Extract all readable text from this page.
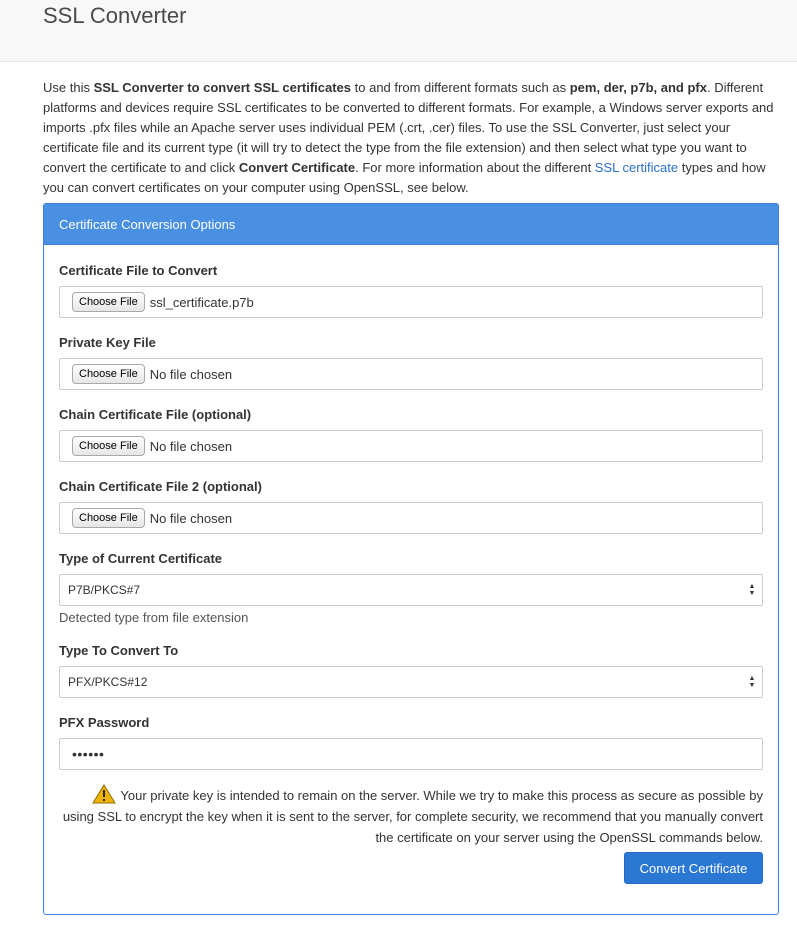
SSL Converter
Use this SSL Converter to convert SSL certificates to and from different formats such as pem, der, p7b, and pfx. Different platforms and devices require SSL certificates to be converted to different formats. For example, a Windows server exports and imports .pfx files while an Apache server uses individual PEM (.crt, .cer) files. To use the SSL Converter, just select your certificate file and its current type (it will try to detect the type from the file extension) and then select what type you want to convert the certificate to and click Convert Certificate. For more information about the different SSL certificate types and how you can convert certificates on your computer using OpenSSL, see below.
Certificate Conversion Options
Certificate File to Convert
Choose File ssl_certificate.p7b
Private Key File
Choose File No file chosen
Chain Certificate File (optional)
Choose File No file chosen
Chain Certificate File 2 (optional)
Choose File No file chosen
Type of Current Certificate
P7B/PKCS#7	▲
▼
Detected type from file extension
Type To Convert To
PFX/PKCS#12	▲
▼
PFX Password
••••••
Your private key is intended to remain on the server. While we try to make this process as secure as possible by using SSL to encrypt the key when it is sent to the server, for complete security, we recommend that you manually convert the certificate on your server using the OpenSSL commands below.
Convert Certificate
